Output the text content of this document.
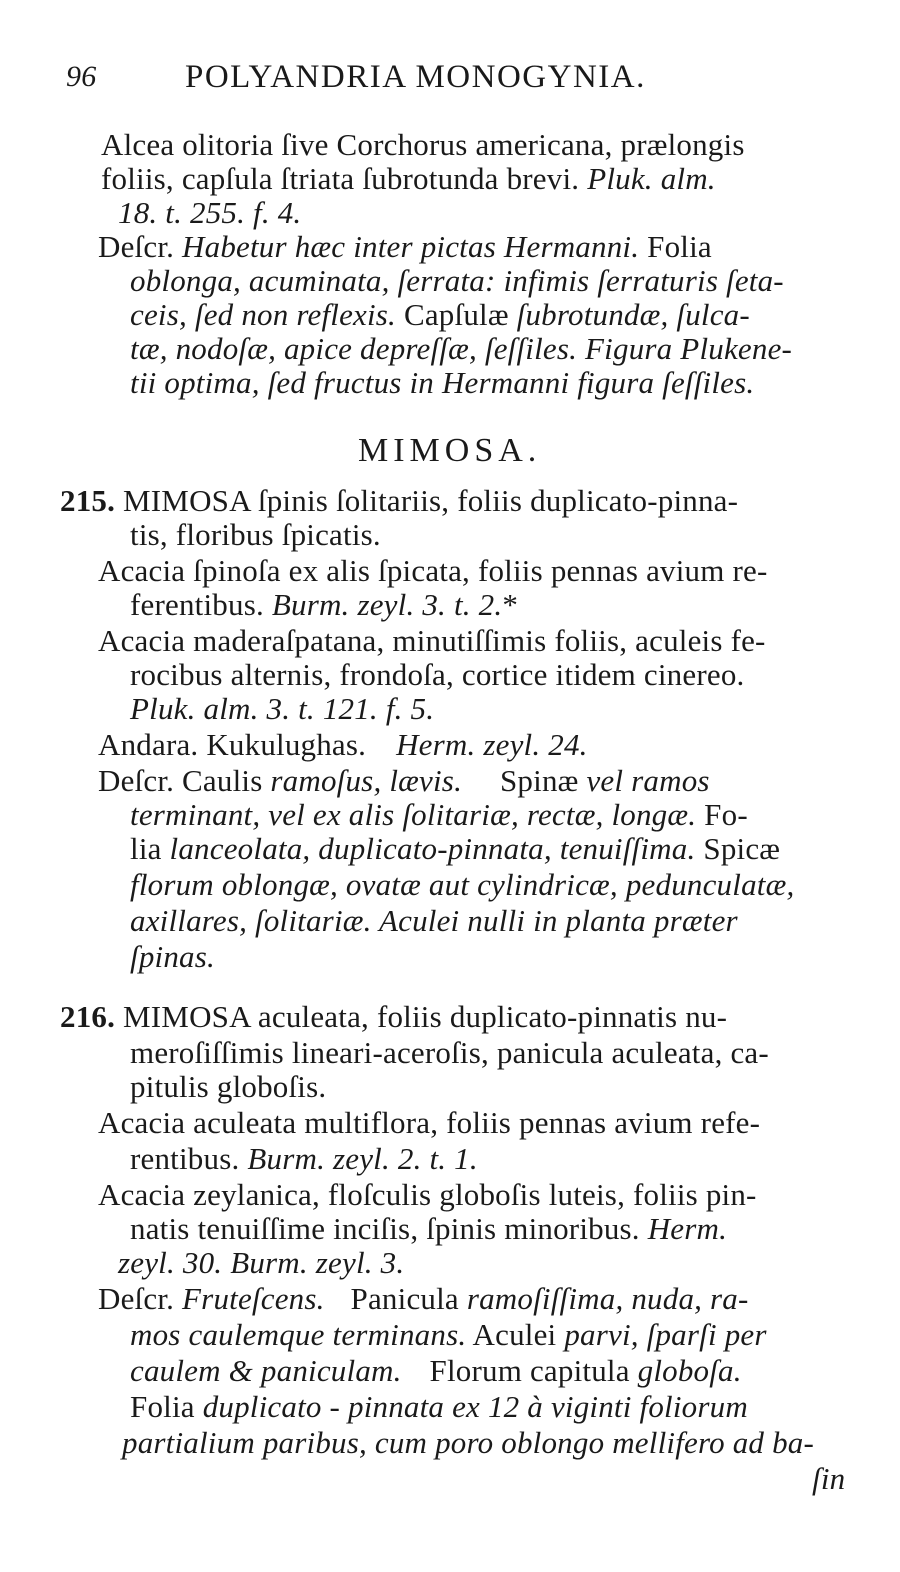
96	POLYANDRIA MONOGYNIA.
Alcea olitoria ſive Corchorus americana, prælongis
foliis, capſula ſtriata ſubrotunda brevi. Pluk. alm.
18. t. 255. f. 4.
Deſcr. Habetur hæc inter pictas Hermanni. Folia
oblonga, acuminata, ſerrata: infimis ſerraturis ſeta-
ceis, ſed non reflexis. Capſulæ ſubrotundæ, ſulca-
tæ, nodoſæ, apice depreſſæ, ſeſſiles. Figura Plukene-
tii optima, ſed fructus in Hermanni figura ſeſſiles.
MIMOSA.
215. MIMOSA ſpinis ſolitariis, foliis duplicato-pinna-
tis, floribus ſpicatis.
Acacia ſpinoſa ex alis ſpicata, foliis pennas avium re-
ferentibus. Burm. zeyl. 3. t. 2.*
Acacia maderaſpatana, minutiſſimis foliis, aculeis fe-
rocibus alternis, frondoſa, cortice itidem cinereo.
Pluk. alm. 3. t. 121. f. 5.
Andara. Kukulughas. Herm. zeyl. 24.
Deſcr. Caulis ramoſus, lævis. Spinæ vel ramos
terminant, vel ex alis ſolitariæ, rectæ, longæ. Fo-
lia lanceolata, duplicato-pinnata, tenuiſſima. Spicæ
florum oblongæ, ovatæ aut cylindricæ, pedunculatæ,
axillares, ſolitariæ. Aculei nulli in planta præter
ſpinas.
216. MIMOSA aculeata, foliis duplicato-pinnatis nu-
meroſiſſimis lineari-aceroſis, panicula aculeata, ca-
pitulis globoſis.
Acacia aculeata multiflora, foliis pennas avium refe-
rentibus. Burm. zeyl. 2. t. 1.
Acacia zeylanica, floſculis globoſis luteis, foliis pin-
natis tenuiſſime inciſis, ſpinis minoribus. Herm.
zeyl. 30. Burm. zeyl. 3.
Deſcr. Fruteſcens. Panicula ramoſiſſima, nuda, ra-
mos caulemque terminans. Aculei parvi, ſparſi per
caulem & paniculam. Florum capitula globoſa.
Folia duplicato - pinnata ex 12 à viginti foliorum
partialium paribus, cum poro oblongo mellifero ad ba-
ſin
